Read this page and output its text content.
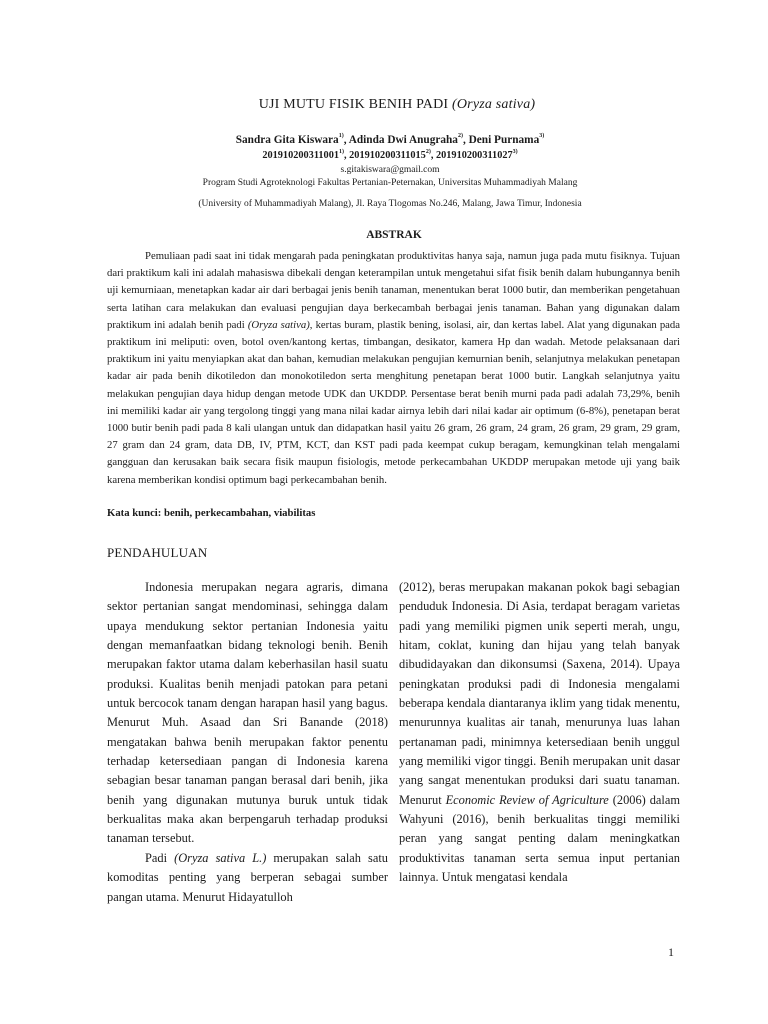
UJI MUTU FISIK BENIH PADI (Oryza sativa)
Sandra Gita Kiswara$^{1)}$, Adinda Dwi Anugraha$^{2)}$, Deni Purnama$^{3)}$
201910200311001$^{1)}$, 201910200311015$^{2)}$, 201910200311027$^{3)}$
s.gitakiswara@gmail.com
Program Studi Agroteknologi Fakultas Pertanian-Peternakan, Universitas Muhammadiyah Malang
(University of Muhammadiyah Malang), Jl. Raya Tlogomas No.246, Malang, Jawa Timur, Indonesia
ABSTRAK

Pemuliaan padi saat ini tidak mengarah pada peningkatan produktivitas hanya saja, namun juga pada mutu fisiknya. Tujuan dari praktikum kali ini adalah mahasiswa dibekali dengan keterampilan untuk mengetahui sifat fisik benih dalam hubungannya benih uji kemurniaan, menetapkan kadar air dari berbagai jenis benih tanaman, menentukan berat 1000 butir, dan memberikan pengetahuan serta latihan cara melakukan dan evaluasi pengujian daya berkecambah berbagai jenis tanaman. Bahan yang digunakan dalam praktikum ini adalah benih padi (Oryza sativa), kertas buram, plastik bening, isolasi, air, dan kertas label. Alat yang digunakan pada praktikum ini meliputi: oven, botol oven/kantong kertas, timbangan, desikator, kamera Hp dan wadah. Metode pelaksanaan dari praktikum ini yaitu menyiapkan akat dan bahan, kemudian melakukan pengujian kemurnian benih, selanjutnya melakukan penetapan kadar air pada benih dikotiledon dan monokotiledon serta menghitung penetapan berat 1000 butir. Langkah selanjutnya yaitu melakukan pengujian daya hidup dengan metode UDK dan UKDDP. Persentase berat benih murni pada padi adalah 73,29%, benih ini memiliki kadar air yang tergolong tinggi yang mana nilai kadar airnya lebih dari nilai kadar air optimum (6-8%), penetapan berat 1000 butir benih padi pada 8 kali ulangan untuk dan didapatkan hasil yaitu 26 gram, 26 gram, 24 gram, 26 gram, 29 gram, 29 gram, 27 gram dan 24 gram, data DB, IV, PTM, KCT, dan KST padi pada keempat cukup beragam, kemungkinan telah mengalami gangguan dan kerusakan baik secara fisik maupun fisiologis, metode perkecambahan UKDDP merupakan metode uji yang baik karena memberikan kondisi optimum bagi perkecambahan benih.

Kata kunci: benih, perkecambahan, viabilitas
PENDAHULUAN

Indonesia merupakan negara agraris, dimana sektor pertanian sangat mendominasi, sehingga dalam upaya mendukung sektor pertanian Indonesia yaitu dengan memanfaatkan bidang teknologi benih. Benih merupakan faktor utama dalam keberhasilan hasil suatu produksi. Kualitas benih menjadi patokan para petani untuk bercocok tanam dengan harapan hasil yang bagus. Menurut Muh. Asaad dan Sri Banande (2018) mengatakan bahwa benih merupakan faktor penentu terhadap ketersediaan pangan di Indonesia karena sebagian besar tanaman pangan berasal dari benih, jika benih yang digunakan mutunya buruk untuk tidak berkualitas maka akan berpengaruh terhadap produksi tanaman tersebut.

Padi (Oryza sativa L.) merupakan salah satu komoditas penting yang berperan sebagai sumber pangan utama. Menurut Hidayatulloh

(2012), beras merupakan makanan pokok bagi sebagian penduduk Indonesia. Di Asia, terdapat beragam varietas padi yang memiliki pigmen unik seperti merah, ungu, hitam, coklat, kuning dan hijau yang telah banyak dibudidayakan dan dikonsumsi (Saxena, 2014). Upaya peningkatan produksi padi di Indonesia mengalami beberapa kendala diantaranya iklim yang tidak menentu, menurunnya kualitas air tanah, menurunya luas lahan pertanaman padi, minimnya ketersediaan benih unggul yang memiliki vigor tinggi. Benih merupakan unit dasar yang sangat menentukan produksi dari suatu tanaman. Menurut Economic Review of Agriculture (2006) dalam Wahyuni (2016), benih berkualitas tinggi memiliki peran yang sangat penting dalam meningkatkan produktivitas tanaman serta semua input pertanian lainnya. Untuk mengatasi kendala

1
